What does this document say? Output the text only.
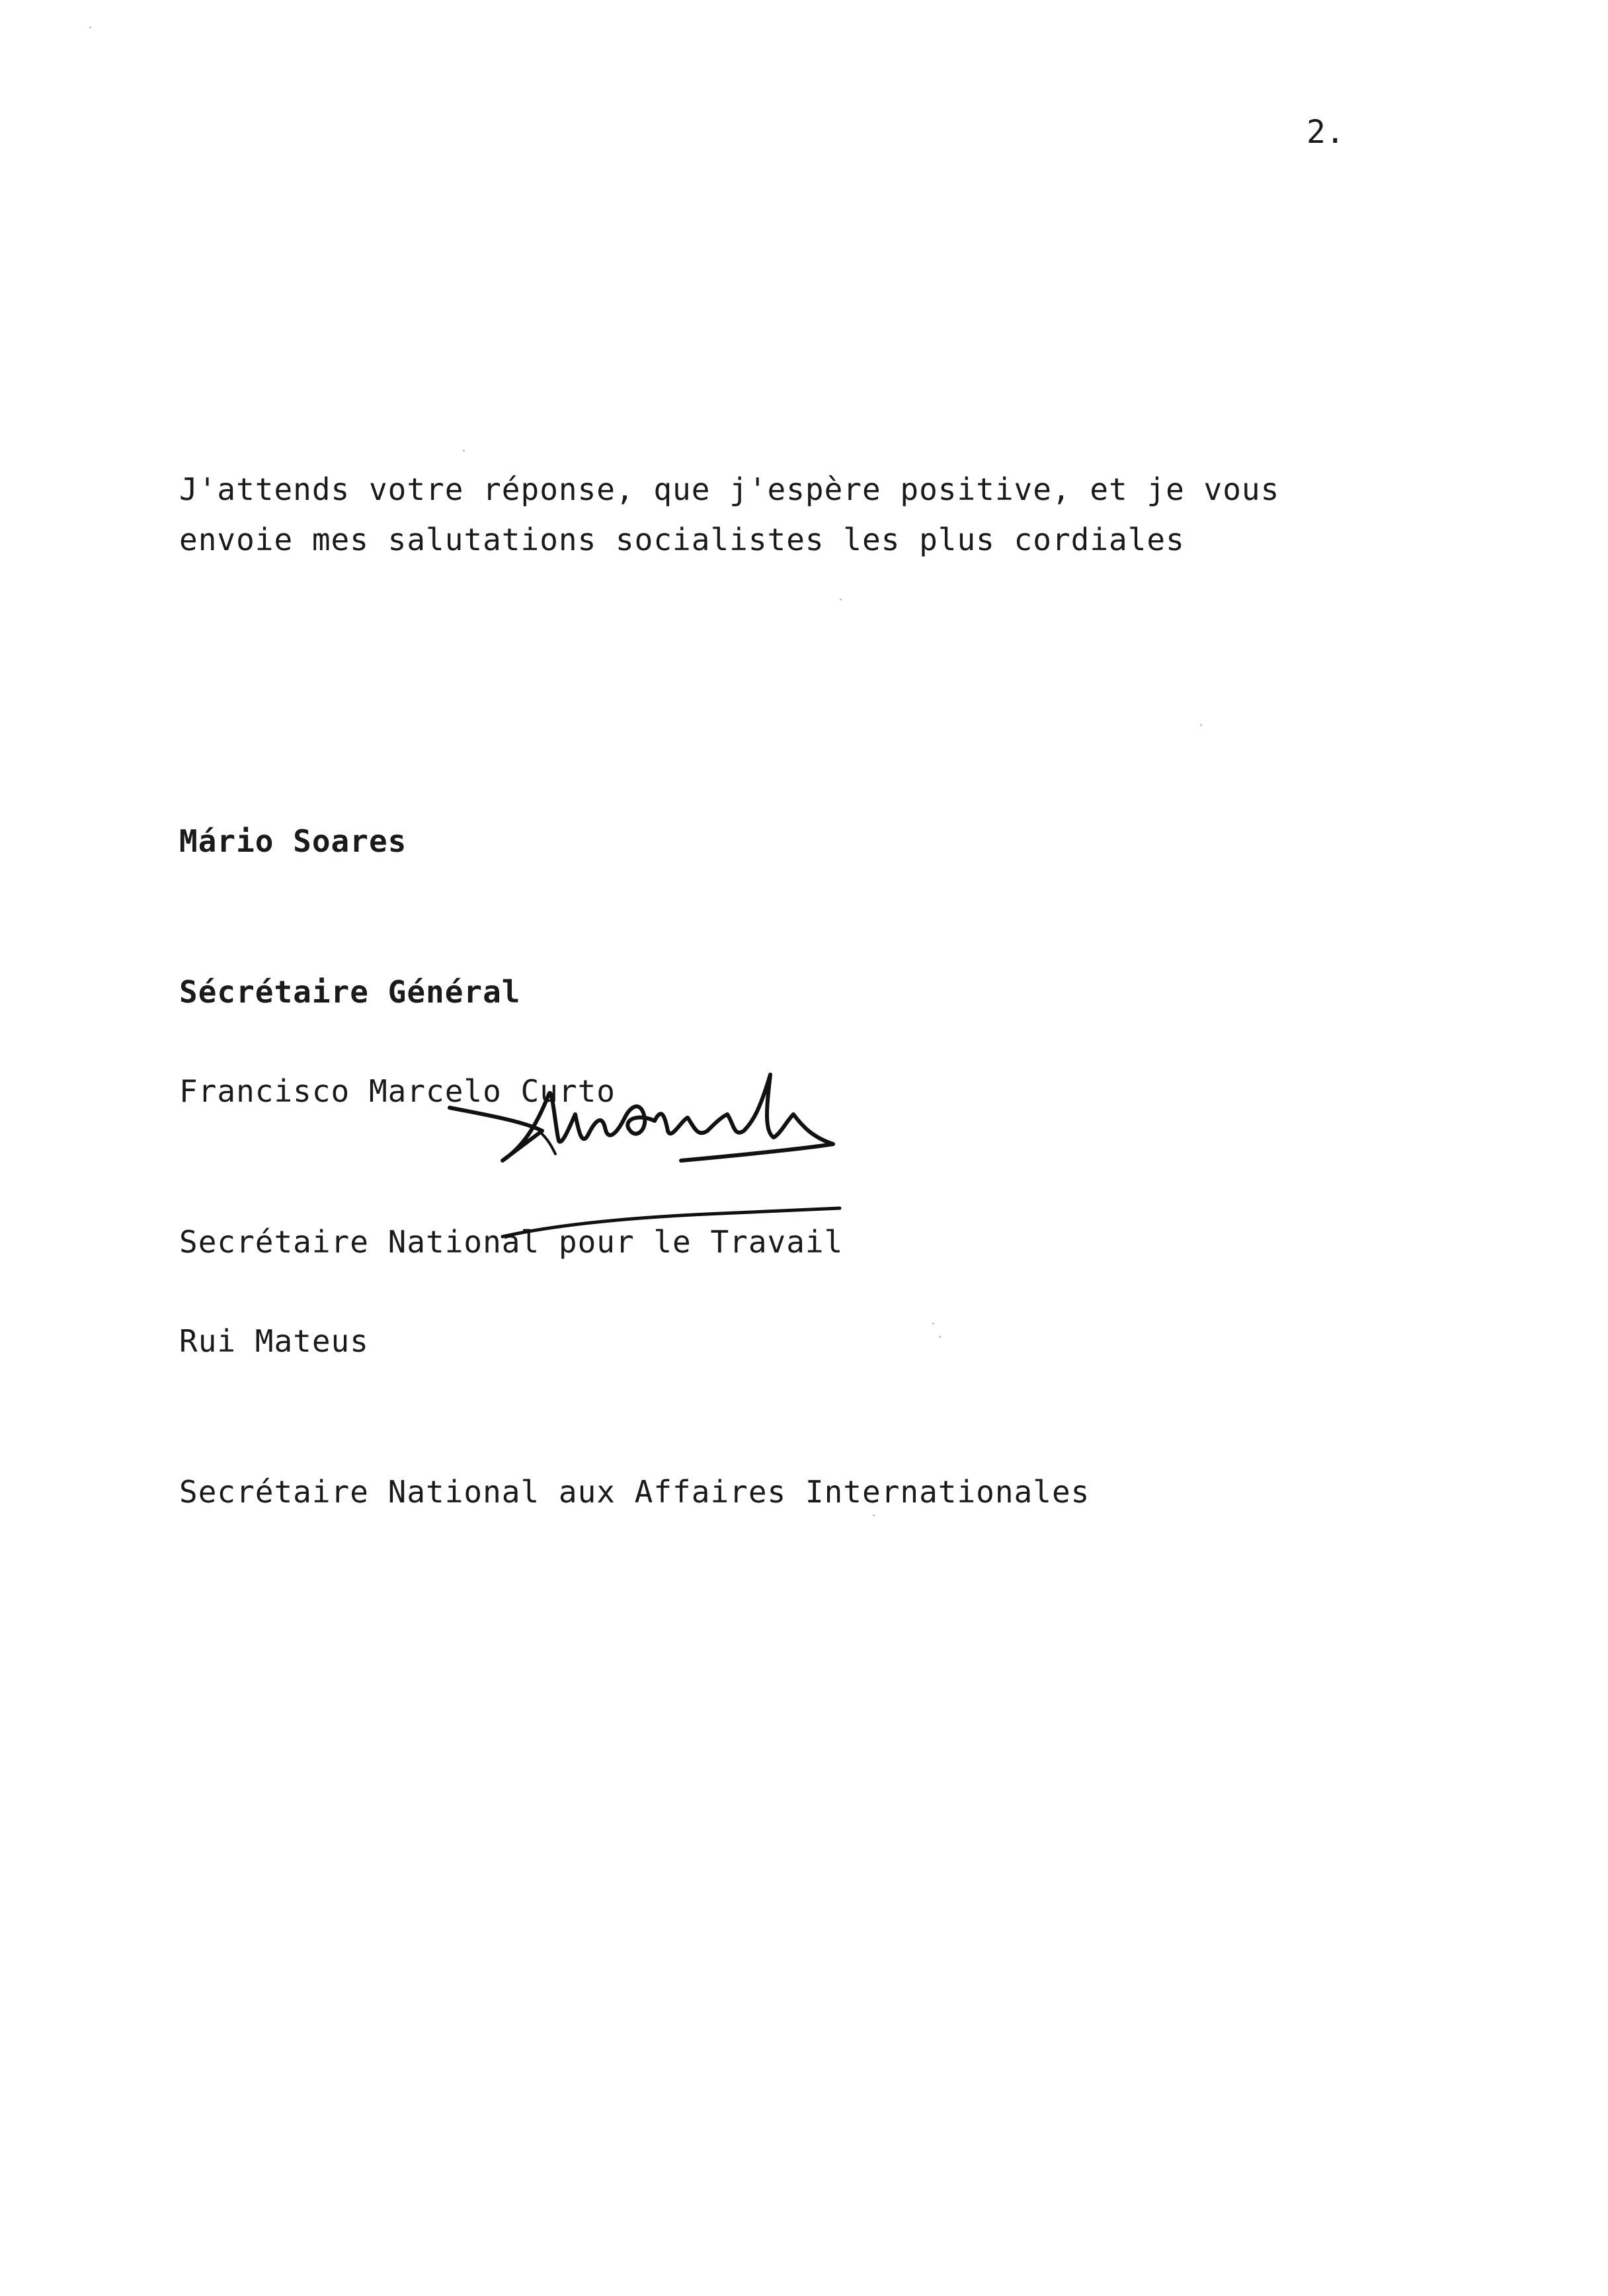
2.
J'attends votre réponse, que j'espère positive, et je vous
envoie mes salutations socialistes les plus cordiales

Mário Soares

Sécrétaire Général

Francisco Marcelo Curto

Secrétaire National pour le Travail

Rui Mateus

Secrétaire National aux Affaires Internationales
